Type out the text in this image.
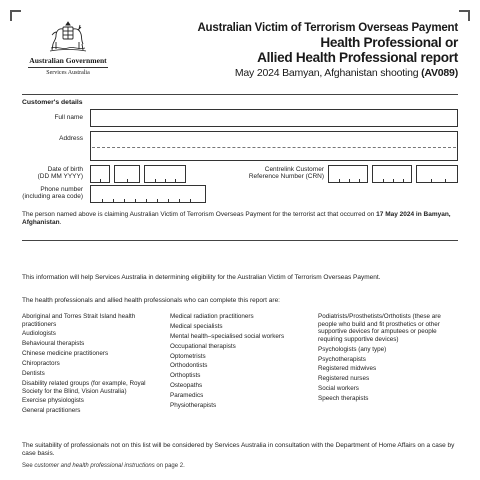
Australian Government
Services Australia
Australian Victim of Terrorism Overseas Payment
Health Professional or
Allied Health Professional report
May 2024 Bamyan, Afghanistan shooting (AV089)
Customer's details
Full name
Address
Date of birth
(DD MM YYYY)
Centrelink Customer
Reference Number (CRN)
Phone number
(including area code)
The person named above is claiming Australian Victim of Terrorism Overseas Payment for the terrorist act that occurred on 17 May 2024 in Bamyan, Afghanistan.
This information will help Services Australia in determining eligibility for the Australian Victim of Terrorism Overseas Payment.
The health professionals and allied health professionals who can complete this report are:
Aboriginal and Torres Strait Island health practitioners
Audiologists
Behavioural therapists
Chinese medicine practitioners
Chiropractors
Dentists
Disability related groups (for example, Royal Society for the Blind, Vision Australia)
Exercise physiologists
General practitioners
Medical radiation practitioners
Medical specialists
Mental health–specialised social workers
Occupational therapists
Optometrists
Orthodontists
Orthoptists
Osteopaths
Paramedics
Physiotherapists
Podiatrists/Prosthetists/Orthotists (these are people who build and fit prosthetics or other supportive devices for amputees or people requiring supportive devices)
Psychologists (any type)
Psychotherapists
Registered midwives
Registered nurses
Social workers
Speech therapists
The suitability of professionals not on this list will be considered by Services Australia in consultation with the Department of Home Affairs on a case by case basis.
See customer and health professional instructions on page 2.
